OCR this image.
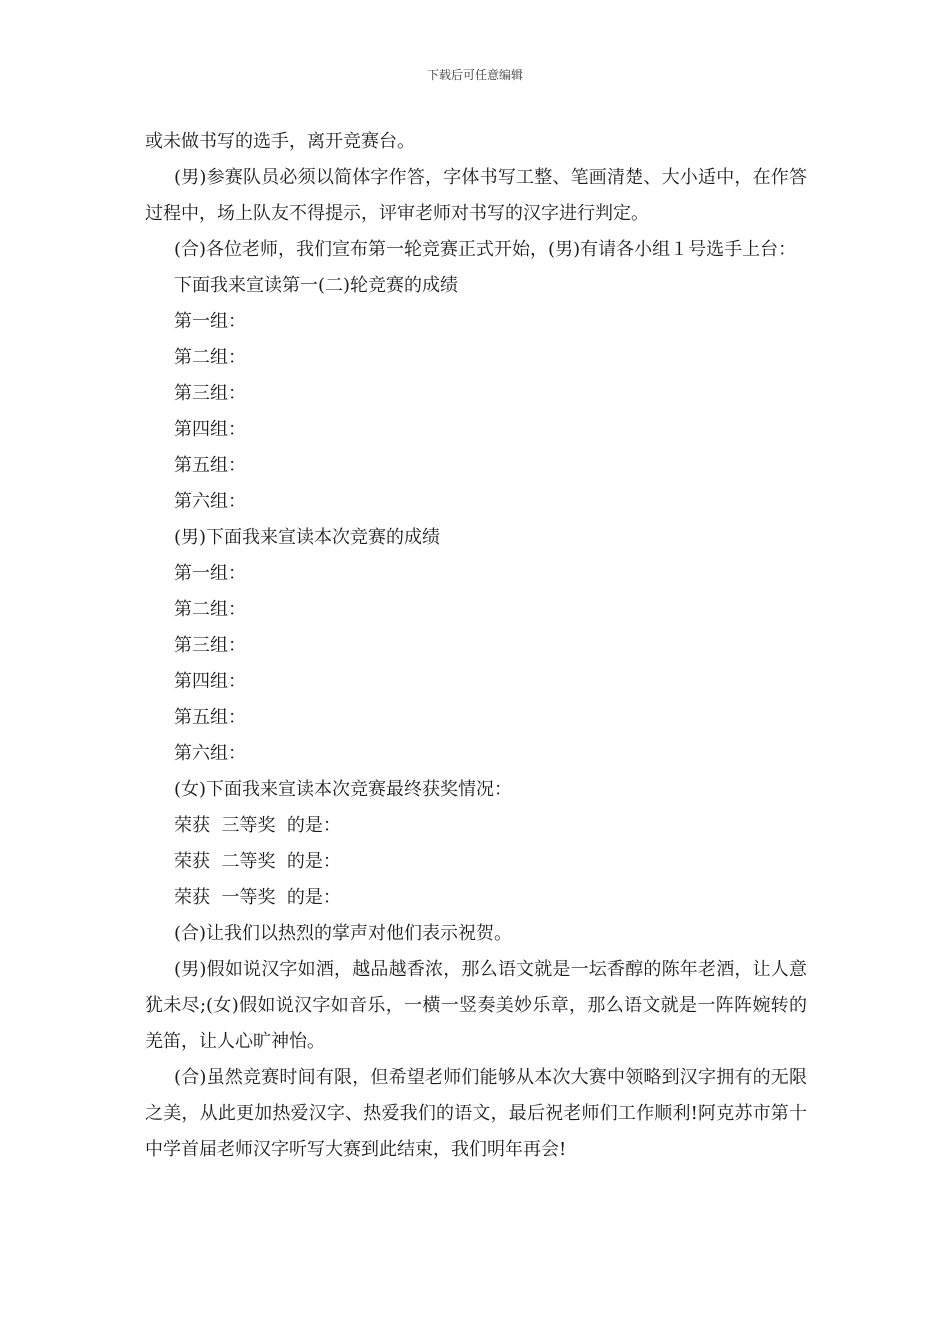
下载后可任意编辑

或未做书写的选手，离开竞赛台。

(男)参赛队员必须以简体字作答，字体书写工整、笔画清楚、大小适中，在作答过程中，场上队友不得提示，评审老师对书写的汉字进行判定。

(合)各位老师，我们宣布第一轮竞赛正式开始，(男)有请各小组１号选手上台：

下面我来宣读第一(二)轮竞赛的成绩

第一组：

第二组：

第三组：

第四组：

第五组：

第六组：

(男)下面我来宣读本次竞赛的成绩

第一组：

第二组：

第三组：

第四组：

第五组：

第六组：

(女)下面我来宣读本次竞赛最终获奖情况：

荣获  三等奖  的是：

荣获  二等奖  的是：

荣获  一等奖  的是：

(合)让我们以热烈的掌声对他们表示祝贺。

(男)假如说汉字如酒，越品越香浓，那么语文就是一坛香醇的陈年老酒，让人意犹未尽;(女)假如说汉字如音乐，一横一竖奏美妙乐章，那么语文就是一阵阵婉转的羌笛，让人心旷神怡。

(合)虽然竞赛时间有限，但希望老师们能够从本次大赛中领略到汉字拥有的无限之美，从此更加热爱汉字、热爱我们的语文，最后祝老师们工作顺利!阿克苏市第十中学首届老师汉字听写大赛到此结束，我们明年再会!
